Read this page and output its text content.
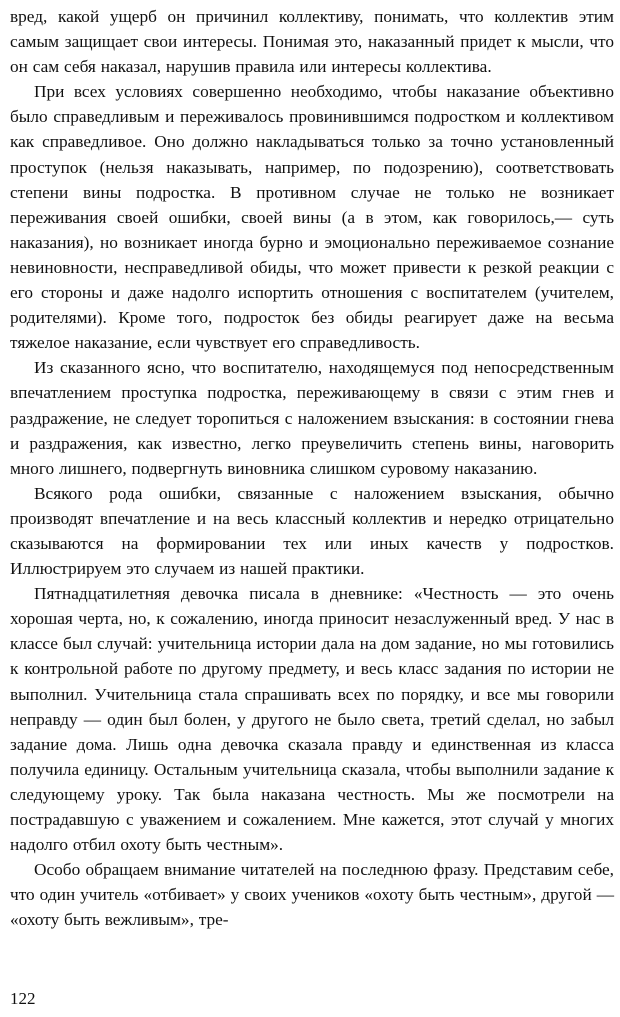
вред, какой ущерб он причинил коллективу, понимать, что коллектив этим самым защищает свои интересы. Понимая это, наказанный придет к мысли, что он сам себя наказал, нарушив правила или интересы коллектива.

При всех условиях совершенно необходимо, чтобы наказание объективно было справедливым и переживалось провинившимся подростком и коллективом как справедливое. Оно должно накладываться только за точно установленный проступок (нельзя наказывать, например, по подозрению), соответствовать степени вины подростка. В противном случае не только не возникает переживания своей ошибки, своей вины (а в этом, как говорилось,— суть наказания), но возникает иногда бурно и эмоционально переживаемое сознание невиновности, несправедливой обиды, что может привести к резкой реакции с его стороны и даже надолго испортить отношения с воспитателем (учителем, родителями). Кроме того, подросток без обиды реагирует даже на весьма тяжелое наказание, если чувствует его справедливость.

Из сказанного ясно, что воспитателю, находящемуся под непосредственным впечатлением проступка подростка, переживающему в связи с этим гнев и раздражение, не следует торопиться с наложением взыскания: в состоянии гнева и раздражения, как известно, легко преувеличить степень вины, наговорить много лишнего, подвергнуть виновника слишком суровому наказанию.

Всякого рода ошибки, связанные с наложением взыскания, обычно производят впечатление и на весь классный коллектив и нередко отрицательно сказываются на формировании тех или иных качеств у подростков. Иллюстрируем это случаем из нашей практики.

Пятнадцатилетняя девочка писала в дневнике: «Честность — это очень хорошая черта, но, к сожалению, иногда приносит незаслуженный вред. У нас в классе был случай: учительница истории дала на дом задание, но мы готовились к контрольной работе по другому предмету, и весь класс задания по истории не выполнил. Учительница стала спрашивать всех по порядку, и все мы говорили неправду — один был болен, у другого не было света, третий сделал, но забыл задание дома. Лишь одна девочка сказала правду и единственная из класса получила единицу. Остальным учительница сказала, чтобы выполнили задание к следующему уроку. Так была наказана честность. Мы же посмотрели на пострадавшую с уважением и сожалением. Мне кажется, этот случай у многих надолго отбил охоту быть честным».

Особо обращаем внимание читателей на последнюю фразу. Представим себе, что один учитель «отбивает» у своих учеников «охоту быть честным», другой — «охоту быть вежливым», тре-

122
